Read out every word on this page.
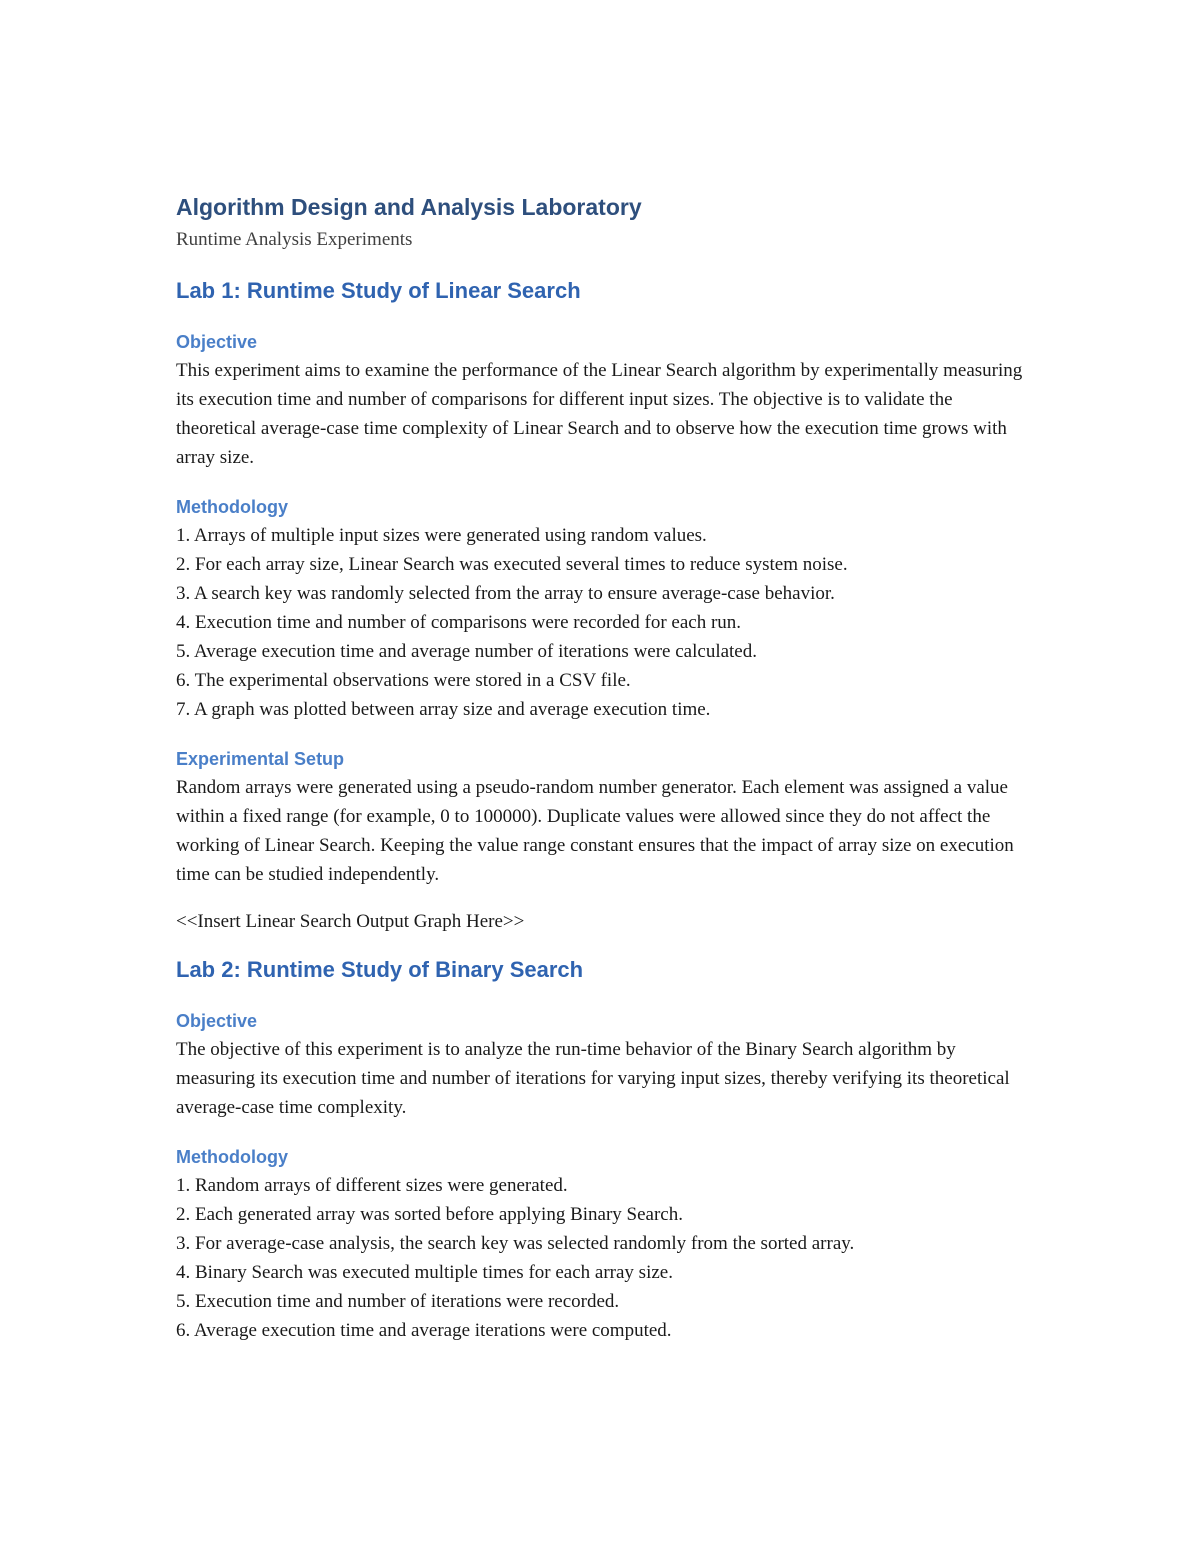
Algorithm Design and Analysis Laboratory

Runtime Analysis Experiments

Lab 1: Runtime Study of Linear Search
Objective

This experiment aims to examine the performance of the Linear Search algorithm by experimentally measuring its execution time and number of comparisons for different input sizes. The objective is to validate the theoretical average-case time complexity of Linear Search and to observe how the execution time grows with array size.

Methodology
1. Arrays of multiple input sizes were generated using random values.
2. For each array size, Linear Search was executed several times to reduce system noise.
3. A search key was randomly selected from the array to ensure average-case behavior.
4. Execution time and number of comparisons were recorded for each run.
5. Average execution time and average number of iterations were calculated.
6. The experimental observations were stored in a CSV file.
7. A graph was plotted between array size and average execution time.
Experimental Setup

Random arrays were generated using a pseudo-random number generator. Each element was assigned a value within a fixed range (for example, 0 to 100000). Duplicate values were allowed since they do not affect the working of Linear Search. Keeping the value range constant ensures that the impact of array size on execution time can be studied independently.

<<Insert Linear Search Output Graph Here>>

Lab 2: Runtime Study of Binary Search
Objective

The objective of this experiment is to analyze the run-time behavior of the Binary Search algorithm by measuring its execution time and number of iterations for varying input sizes, thereby verifying its theoretical average-case time complexity.

Methodology
1. Random arrays of different sizes were generated.
2. Each generated array was sorted before applying Binary Search.
3. For average-case analysis, the search key was selected randomly from the sorted array.
4. Binary Search was executed multiple times for each array size.
5. Execution time and number of iterations were recorded.
6. Average execution time and average iterations were computed.
